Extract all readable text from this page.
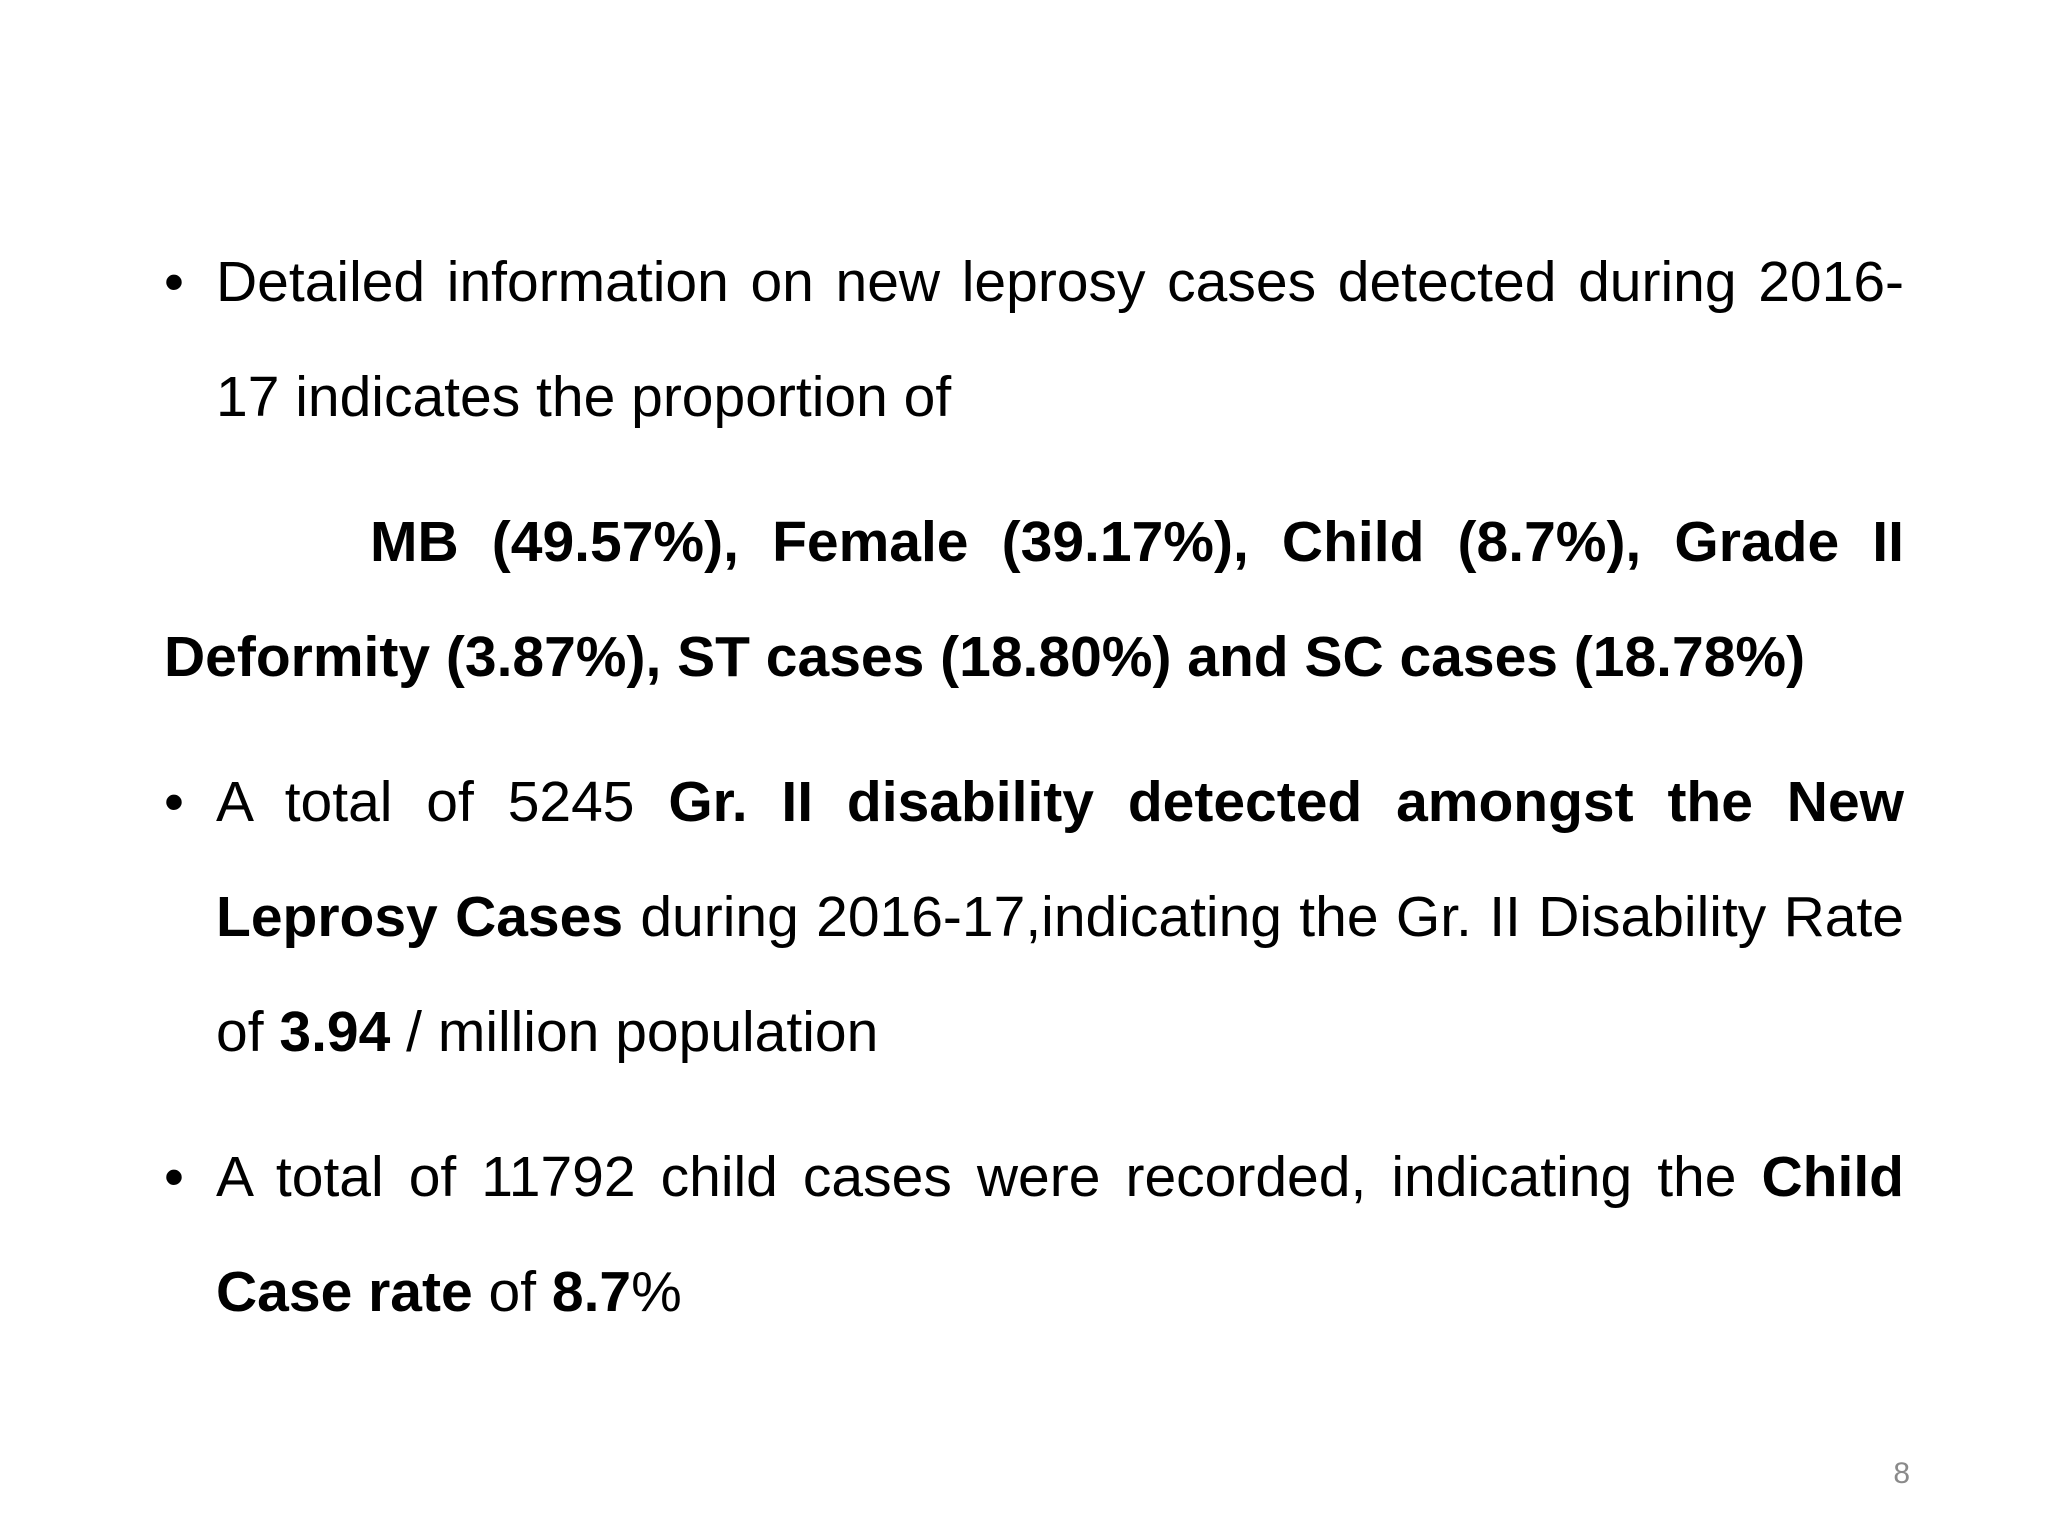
•
Detailed information on new leprosy cases detected during 2016-17 indicates the proportion of
MB (49.57%), Female (39.17%), Child (8.7%), Grade II Deformity (3.87%), ST cases (18.80%) and SC cases (18.78%)
•
A total of 5245 Gr. II disability detected amongst the New Leprosy Cases during 2016-17,indicating the Gr. II Disability Rate of 3.94 / million population
•
A total of 11792 child cases were recorded, indicating the Child Case rate of 8.7%
8
